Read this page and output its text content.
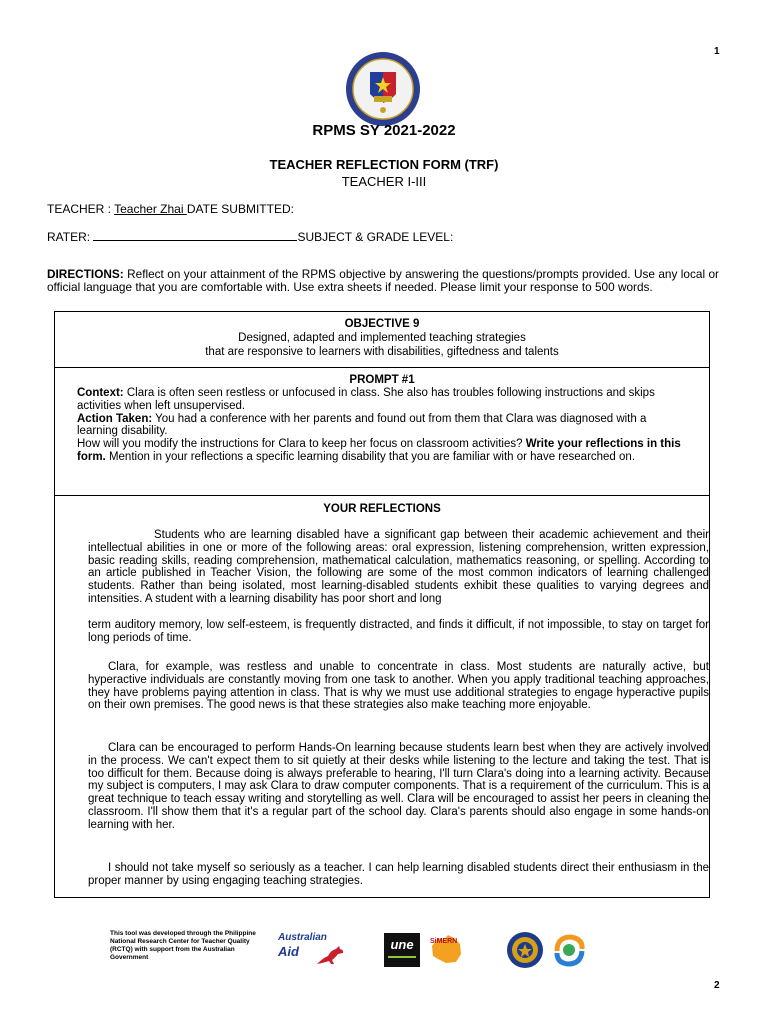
1
2
RPMS SY 2021-2022
TEACHER REFLECTION FORM (TRF)
TEACHER I-III
TEACHER : Teacher Zhai DATE SUBMITTED:
RATER:	SUBJECT & GRADE LEVEL:
DIRECTIONS: Reflect on your attainment of the RPMS objective by answering the questions/prompts provided. Use any local or official language that you are comfortable with. Use extra sheets if needed. Please limit your response to 500 words.
OBJECTIVE 9
Designed, adapted and implemented teaching strategies
that are responsive to learners with disabilities, giftedness and talents
PROMPT #1
Context: Clara is often seen restless or unfocused in class. She also has troubles following instructions and skips activities when left unsupervised.
Action Taken: You had a conference with her parents and found out from them that Clara was diagnosed with a learning disability.
How will you modify the instructions for Clara to keep her focus on classroom activities? Write your reflections in this form. Mention in your reflections a specific learning disability that you are familiar with or have researched on.
YOUR REFLECTIONS
Students who are learning disabled have a significant gap between their academic achievement and their intellectual abilities in one or more of the following areas: oral expression, listening comprehension, written expression, basic reading skills, reading comprehension, mathematical calculation, mathematics reasoning, or spelling. According to an article published in Teacher Vision, the following are some of the most common indicators of learning challenged students. Rather than being isolated, most learning-disabled students exhibit these qualities to varying degrees and intensities. A student with a learning disability has poor short and long
term auditory memory, low self-esteem, is frequently distracted, and finds it difficult, if not impossible, to stay on target for long periods of time.
Clara, for example, was restless and unable to concentrate in class. Most students are naturally active, but hyperactive individuals are constantly moving from one task to another. When you apply traditional teaching approaches, they have problems paying attention in class. That is why we must use additional strategies to engage hyperactive pupils on their own premises. The good news is that these strategies also make teaching more enjoyable.
Clara can be encouraged to perform Hands-On learning because students learn best when they are actively involved in the process. We can't expect them to sit quietly at their desks while listening to the lecture and taking the test. That is too difficult for them. Because doing is always preferable to hearing, I'll turn Clara's doing into a learning activity. Because my subject is computers, I may ask Clara to draw computer components. That is a requirement of the curriculum. This is a great technique to teach essay writing and storytelling as well. Clara will be encouraged to assist her peers in cleaning the classroom. I'll show them that it's a regular part of the school day. Clara's parents should also engage in some hands-on learning with her.
I should not take myself so seriously as a teacher. I can help learning disabled students direct their enthusiasm in the proper manner by using engaging teaching strategies.
This tool was developed through the Philippine National Research Center for Teacher Quality (RCTQ) with support from the Australian Government
Australian
Aid	une	SiMERN
